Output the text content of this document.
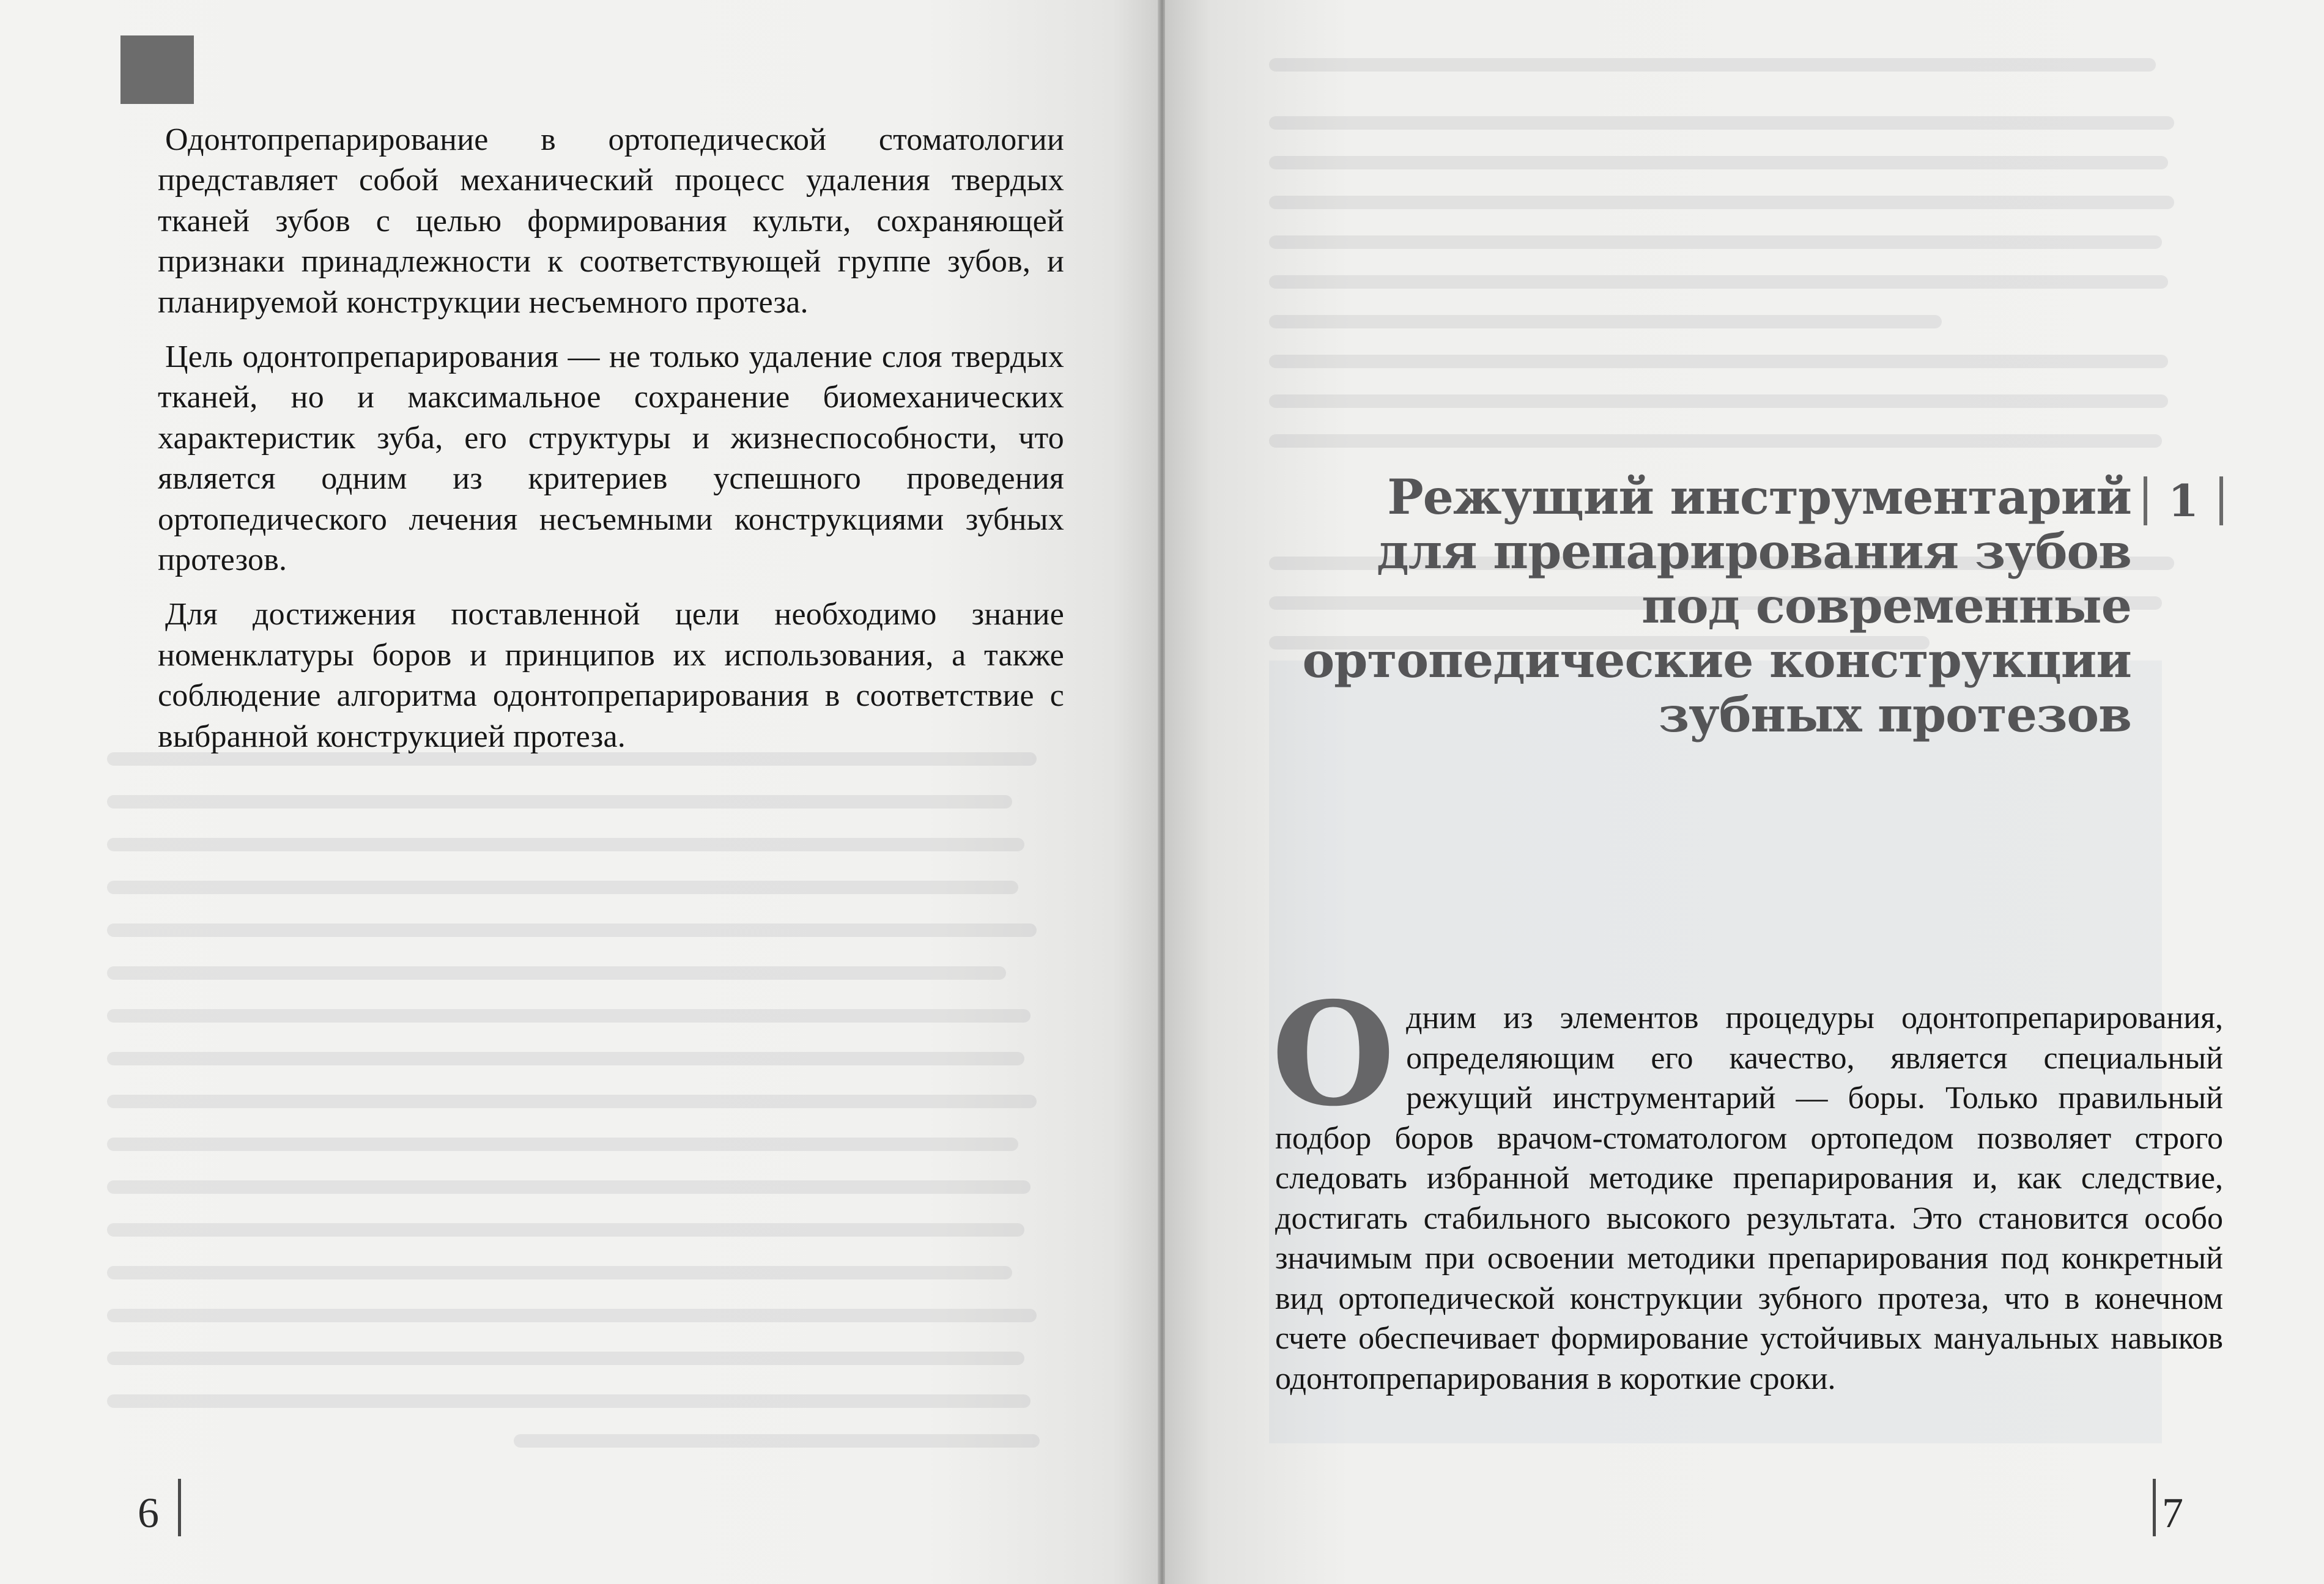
Одонтопрепарирование в ортопедической стоматологии представляет собой механический процесс удаления твердых тканей зубов с целью формирования культи, сохраняющей признаки принадлежности к соответствующей группе зубов, и планируемой конструкции несъемного протеза.

Цель одонтопрепарирования — не только удаление слоя твердых тканей, но и максимальное сохранение биомеханических характеристик зуба, его структуры и жизнеспособности, что является одним из критериев успешного проведения ортопедического лечения несъемными конструкциями зубных протезов.

Для достижения поставленной цели необходимо знание номенклатуры боров и принципов их использования, а также соблюдение алгоритма одонтопрепарирования в соответствие с выбранной конструкцией протеза.

6
Режущий инструментарий
для препарирования зубов
под современные
ортопедические конструкции
зубных протезов
1
О дним из элементов процедуры одонтопрепарирования, определяющим его качество, является специальный режущий инструментарий — боры. Только правильный подбор боров врачом-стоматологом ортопедом позволяет строго следовать избранной методике препарирования и, как следствие, достигать стабильного высокого результата. Это становится особо значимым при освоении методики препарирования под конкретный вид ортопедической конструкции зубного протеза, что в конечном счете обеспечивает формирование устойчивых мануальных навыков одонтопрепарирования в короткие сроки.
7
